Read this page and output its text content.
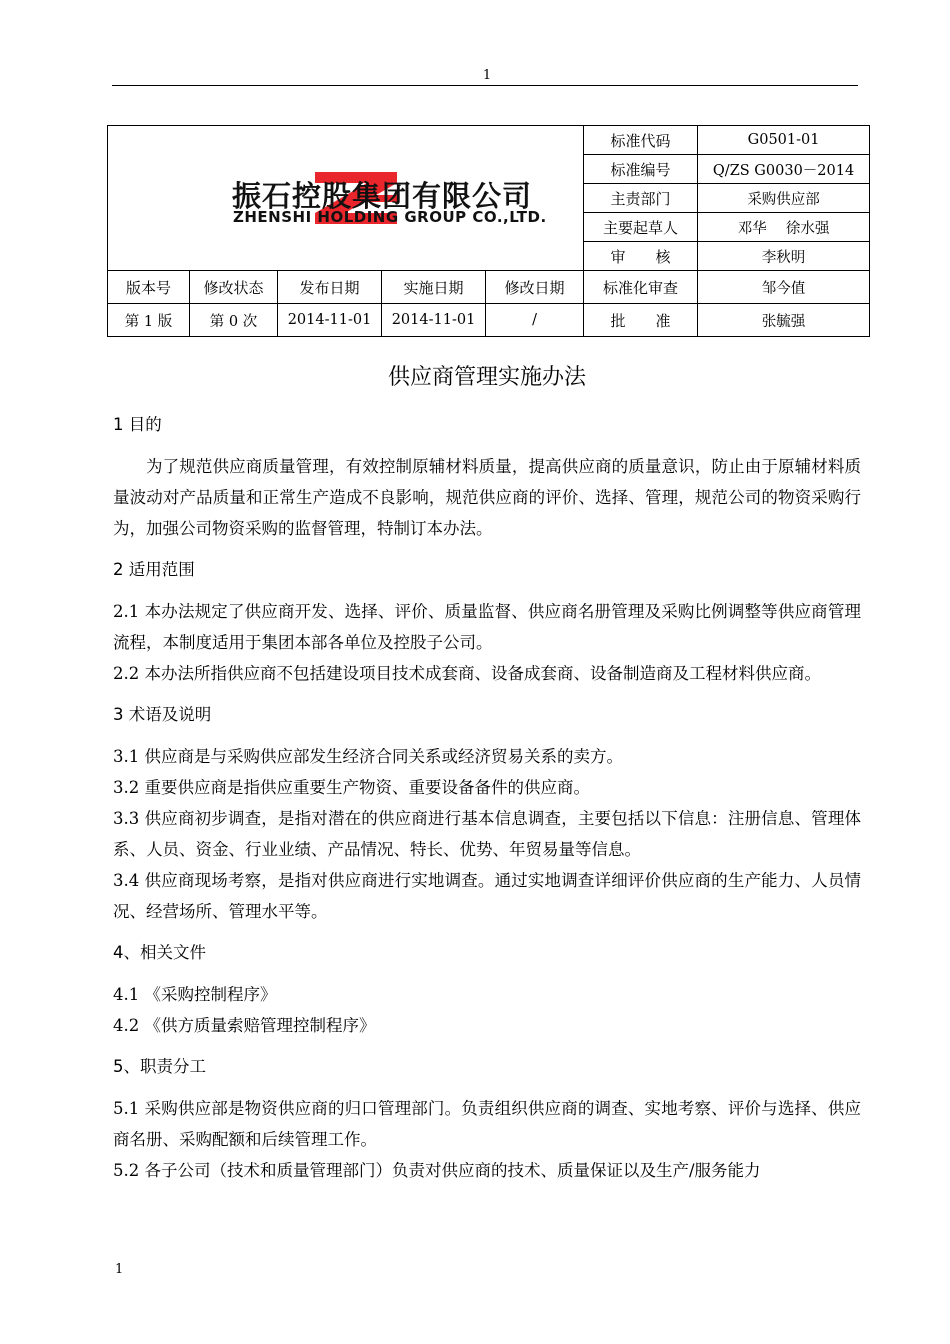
1
振石控股集团有限公司
ZHENSHI HOLDING GROUP CO.,LTD.					标准代码	G0501-01
					标准编号	Q/ZS G0030－2014
					主责部门	采购供应部
					主要起草人	邓华　 徐水强
					审　　核	李秋明
版本号	修改状态	发布日期	实施日期	修改日期	标准化审查	邹今值
第 1 版	第 0 次	2014-11-01	2014-11-01	/	批　　准	张毓强
供应商管理实施办法
1 目的

为了规范供应商质量管理，有效控制原辅材料质量，提高供应商的质量意识，防止由于原辅材料质量波动对产品质量和正常生产造成不良影响，规范供应商的评价、选择、管理，规范公司的物资采购行为，加强公司物资采购的监督管理，特制订本办法。

2 适用范围

2.1 本办法规定了供应商开发、选择、评价、质量监督、供应商名册管理及采购比例调整等供应商管理流程，本制度适用于集团本部各单位及控股子公司。

2.2 本办法所指供应商不包括建设项目技术成套商、设备成套商、设备制造商及工程材料供应商。

3 术语及说明

3.1 供应商是与采购供应部发生经济合同关系或经济贸易关系的卖方。

3.2 重要供应商是指供应重要生产物资、重要设备备件的供应商。

3.3 供应商初步调查，是指对潜在的供应商进行基本信息调查，主要包括以下信息：注册信息、管理体系、人员、资金、行业业绩、产品情况、特长、优势、年贸易量等信息。

3.4 供应商现场考察，是指对供应商进行实地调查。通过实地调查详细评价供应商的生产能力、人员情况、经营场所、管理水平等。

4、相关文件

4.1 《采购控制程序》

4.2 《供方质量索赔管理控制程序》

5、职责分工

5.1 采购供应部是物资供应商的归口管理部门。负责组织供应商的调查、实地考察、评价与选择、供应商名册、采购配额和后续管理工作。

5.2 各子公司（技术和质量管理部门）负责对供应商的技术、质量保证以及生产/服务能力

1
